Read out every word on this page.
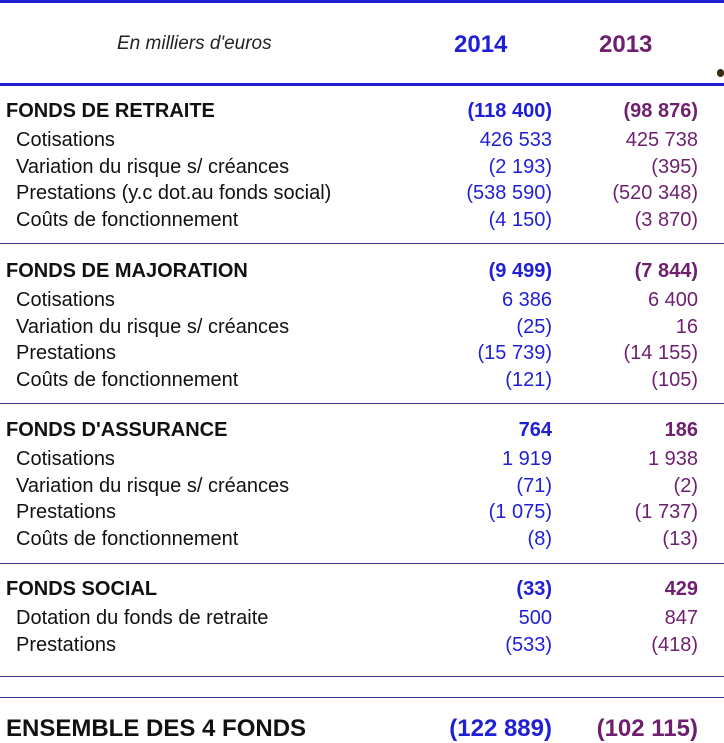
En milliers d'euros	2014	2013
FONDS DE RETRAITE	(118 400)	(98 876)
Cotisations	426 533	425 738
Variation du risque s/ créances	(2 193)	(395)
Prestations (y.c dot.au fonds social)	(538 590)	(520 348)
Coûts de fonctionnement	(4 150)	(3 870)
FONDS DE MAJORATION	(9 499)	(7 844)
Cotisations	6 386	6 400
Variation du risque s/ créances	(25)	16
Prestations	(15 739)	(14 155)
Coûts de fonctionnement	(121)	(105)
FONDS D'ASSURANCE	764	186
Cotisations	1 919	1 938
Variation du risque s/ créances	(71)	(2)
Prestations	(1 075)	(1 737)
Coûts de fonctionnement	(8)	(13)
FONDS SOCIAL	(33)	429
Dotation du fonds de retraite	500	847
Prestations	(533)	(418)
ENSEMBLE DES 4 FONDS	(122 889)	(102 115)
